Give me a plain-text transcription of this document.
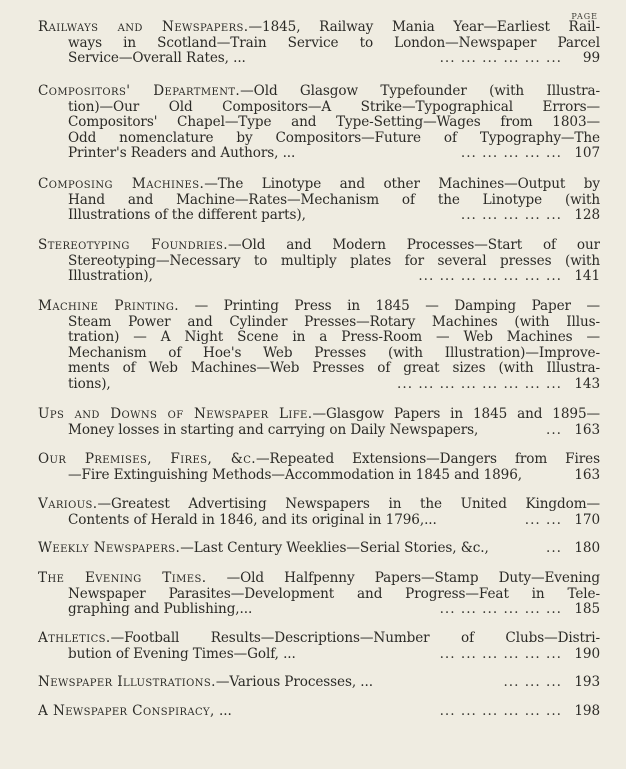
PAGE
Railways and Newspapers.—1845, Railway Mania Year—Earliest Rail-
ways in Scotland—Train Service to London—Newspaper Parcel
Service—Overall Rates, ...	... ... ... ... ... ...	99
Compositors' Department.—Old Glasgow Typefounder (with Illustra-
tion)—Our Old Compositors—A Strike—Typographical Errors—
Compositors' Chapel—Type and Type-Setting—Wages from 1803—
Odd nomenclature by Compositors—Future of Typography—The
Printer's Readers and Authors, ...	... ... ... ... ... 107
Composing Machines.—The Linotype and other Machines—Output by
Hand and Machine—Rates—Mechanism of the Linotype (with
Illustrations of the different parts),	... ... ... ... ... 128
Stereotyping Foundries.—Old and Modern Processes—Start of our
Stereotyping—Necessary to multiply plates for several presses (with
Illustration),	... ... ... ... ... ... ... 141
Machine Printing. — Printing Press in 1845 — Damping Paper —
Steam Power and Cylinder Presses—Rotary Machines (with Illus-
tration) — A Night Scene in a Press-Room — Web Machines —
Mechanism of Hoe's Web Presses (with Illustration)—Improve-
ments of Web Machines—Web Presses of great sizes (with Illustra-
tions),	... ... ... ... ... ... ... ... 143
Ups and Downs of Newspaper Life.—Glasgow Papers in 1845 and 1895—
Money losses in starting and carrying on Daily Newspapers,	... 163
Our Premises, Fires, &c.—Repeated Extensions—Dangers from Fires
—Fire Extinguishing Methods—Accommodation in 1845 and 1896,	163
Various.—Greatest Advertising Newspapers in the United Kingdom—
Contents of Herald in 1846, and its original in 1796,...	... ... 170
Weekly Newspapers.—Last Century Weeklies—Serial Stories, &c.,	... 180
The Evening Times. —Old Halfpenny Papers—Stamp Duty—Evening
Newspaper Parasites—Development and Progress—Feat in Tele-
graphing and Publishing,...	... ... ... ... ... ... 185
Athletics.—Football Results—Descriptions—Number of Clubs—Distri-
bution of Evening Times—Golf, ...	... ... ... ... ... ... 190
Newspaper Illustrations.—Various Processes, ...	... ... ... 193
A Newspaper Conspiracy, ...	... ... ... ... ... ... 198
